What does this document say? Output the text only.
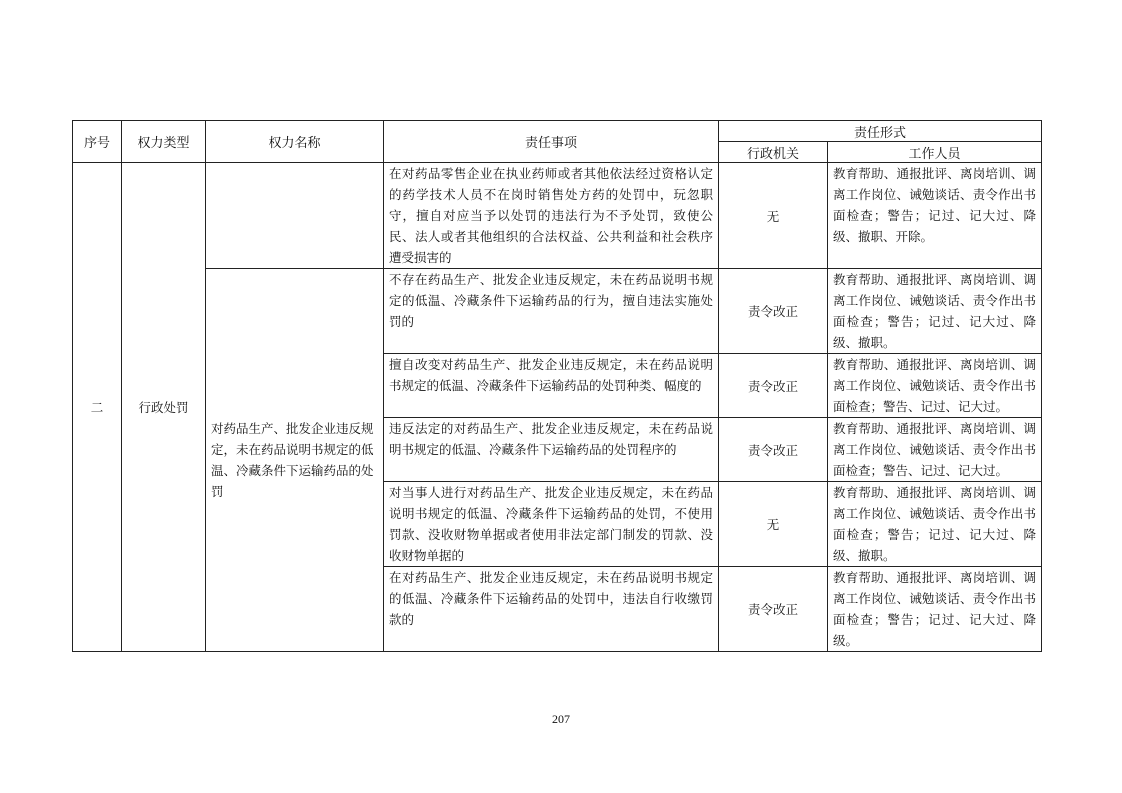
序号	权力类型	权力名称	责任事项	责任形式	
				行政机关	工作人员
二	行政处罚		在对药品零售企业在执业药师或者其他依法经过资格认定的药学技术人员不在岗时销售处方药的处罚中，玩忽职守，擅自对应当予以处罚的违法行为不予处罚，致使公民、法人或者其他组织的合法权益、公共利益和社会秩序遭受损害的	无	教育帮助、通报批评、离岗培训、调离工作岗位、诫勉谈话、责令作出书面检查；警告；记过、记大过、降级、撤职、开除。
		对药品生产、批发企业违反规定，未在药品说明书规定的低温、冷藏条件下运输药品的处罚	不存在药品生产、批发企业违反规定，未在药品说明书规定的低温、冷藏条件下运输药品的行为，擅自违法实施处罚的	责令改正	教育帮助、通报批评、离岗培训、调离工作岗位、诫勉谈话、责令作出书面检查；警告；记过、记大过、降级、撤职。
			擅自改变对药品生产、批发企业违反规定，未在药品说明书规定的低温、冷藏条件下运输药品的处罚种类、幅度的	责令改正	教育帮助、通报批评、离岗培训、调离工作岗位、诫勉谈话、责令作出书面检查；警告、记过、记大过。
			违反法定的对药品生产、批发企业违反规定，未在药品说明书规定的低温、冷藏条件下运输药品的处罚程序的	责令改正	教育帮助、通报批评、离岗培训、调离工作岗位、诫勉谈话、责令作出书面检查；警告、记过、记大过。
			对当事人进行对药品生产、批发企业违反规定，未在药品说明书规定的低温、冷藏条件下运输药品的处罚，不使用罚款、没收财物单据或者使用非法定部门制发的罚款、没收财物单据的	无	教育帮助、通报批评、离岗培训、调离工作岗位、诫勉谈话、责令作出书面检查；警告；记过、记大过、降级、撤职。
			在对药品生产、批发企业违反规定，未在药品说明书规定的低温、冷藏条件下运输药品的处罚中，违法自行收缴罚款的	责令改正	教育帮助、通报批评、离岗培训、调离工作岗位、诫勉谈话、责令作出书面检查；警告；记过、记大过、降级。
207
